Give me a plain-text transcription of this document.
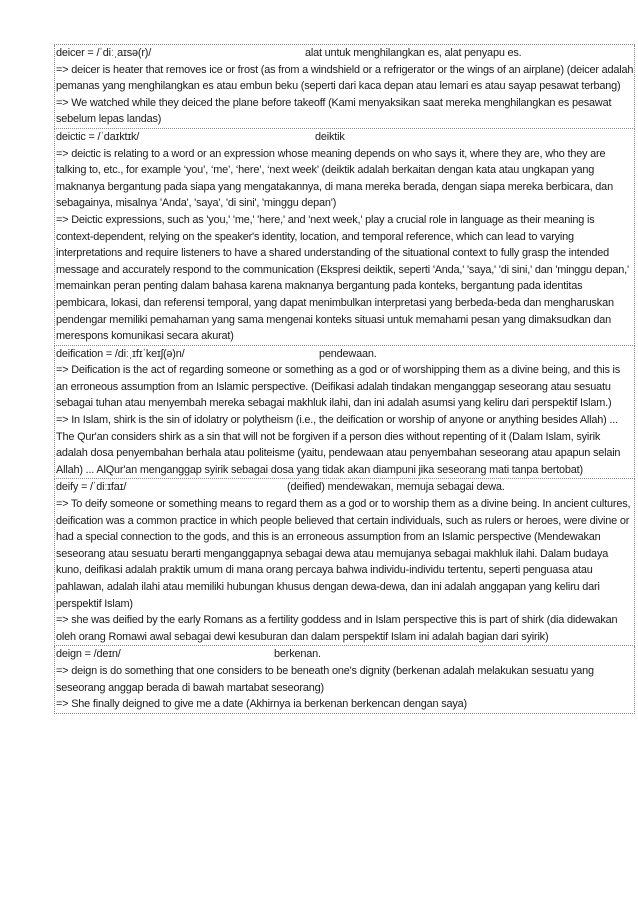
deicer = /ˈdiːˌaɪsə(r)/	alat untuk menghilangkan es, alat penyapu es.

=> deicer is heater that removes ice or frost (as from a windshield or a refrigerator or the wings of an airplane) (deicer adalah pemanas yang menghilangkan es atau embun beku (seperti dari kaca depan atau lemari es atau sayap pesawat terbang)

=> We watched while they deiced the plane before takeoff (Kami menyaksikan saat mereka menghilangkan es pesawat sebelum lepas landas)

deictic = /ˈdaɪktɪk/	deiktik

=> deictic is relating to a word or an expression whose meaning depends on who says it, where they are, who they are talking to, etc., for example ‘you’, ‘me’, ‘here’, ‘next week’ (deiktik adalah berkaitan dengan kata atau ungkapan yang maknanya bergantung pada siapa yang mengatakannya, di mana mereka berada, dengan siapa mereka berbicara, dan sebagainya, misalnya 'Anda', 'saya', 'di sini', 'minggu depan')

=> Deictic expressions, such as 'you,' 'me,' 'here,' and 'next week,' play a crucial role in language as their meaning is context-dependent, relying on the speaker's identity, location, and temporal reference, which can lead to varying interpretations and require listeners to have a shared understanding of the situational context to fully grasp the intended message and accurately respond to the communication (Ekspresi deiktik, seperti 'Anda,' 'saya,' 'di sini,' dan 'minggu depan,' memainkan peran penting dalam bahasa karena maknanya bergantung pada konteks, bergantung pada identitas pembicara, lokasi, dan referensi temporal, yang dapat menimbulkan interpretasi yang berbeda-beda dan mengharuskan pendengar memiliki pemahaman yang sama mengenai konteks situasi untuk memahami pesan yang dimaksudkan dan merespons komunikasi secara akurat)

deification = /diːˌɪfɪˈkeɪʃ(ə)n/	pendewaan.

=> Deification is the act of regarding someone or something as a god or of worshipping them as a divine being, and this is an erroneous assumption from an Islamic perspective. (Deifikasi adalah tindakan menganggap seseorang atau sesuatu sebagai tuhan atau menyembah mereka sebagai makhluk ilahi, dan ini adalah asumsi yang keliru dari perspektif Islam.)

=> In Islam, shirk is the sin of idolatry or polytheism (i.e., the deification or worship of anyone or anything besides Allah) ... The Qur'an considers shirk as a sin that will not be forgiven if a person dies without repenting of it (Dalam Islam, syirik adalah dosa penyembahan berhala atau politeisme (yaitu, pendewaan atau penyembahan seseorang atau apapun selain Allah) ... AlQur'an menganggap syirik sebagai dosa yang tidak akan diampuni jika seseorang mati tanpa bertobat)

deify = /ˈdiːɪfaɪ/	(deified) mendewakan, memuja sebagai dewa.

=> To deify someone or something means to regard them as a god or to worship them as a divine being. In ancient cultures, deification was a common practice in which people believed that certain individuals, such as rulers or heroes, were divine or had a special connection to the gods, and this is an erroneous assumption from an Islamic perspective (Mendewakan seseorang atau sesuatu berarti menganggapnya sebagai dewa atau memujanya sebagai makhluk ilahi. Dalam budaya kuno, deifikasi adalah praktik umum di mana orang percaya bahwa individu-individu tertentu, seperti penguasa atau pahlawan, adalah ilahi atau memiliki hubungan khusus dengan dewa-dewa, dan ini adalah anggapan yang keliru dari perspektif Islam)

=> she was deified by the early Romans as a fertility goddess and in Islam perspective this is part of shirk (dia didewakan oleh orang Romawi awal sebagai dewi kesuburan dan dalam perspektif Islam ini adalah bagian dari syirik)

deign = /deɪn/	berkenan.

=> deign is do something that one considers to be beneath one's dignity (berkenan adalah melakukan sesuatu yang seseorang anggap berada di bawah martabat seseorang)

=> She finally deigned to give me a date (Akhirnya ia berkenan berkencan dengan saya)
